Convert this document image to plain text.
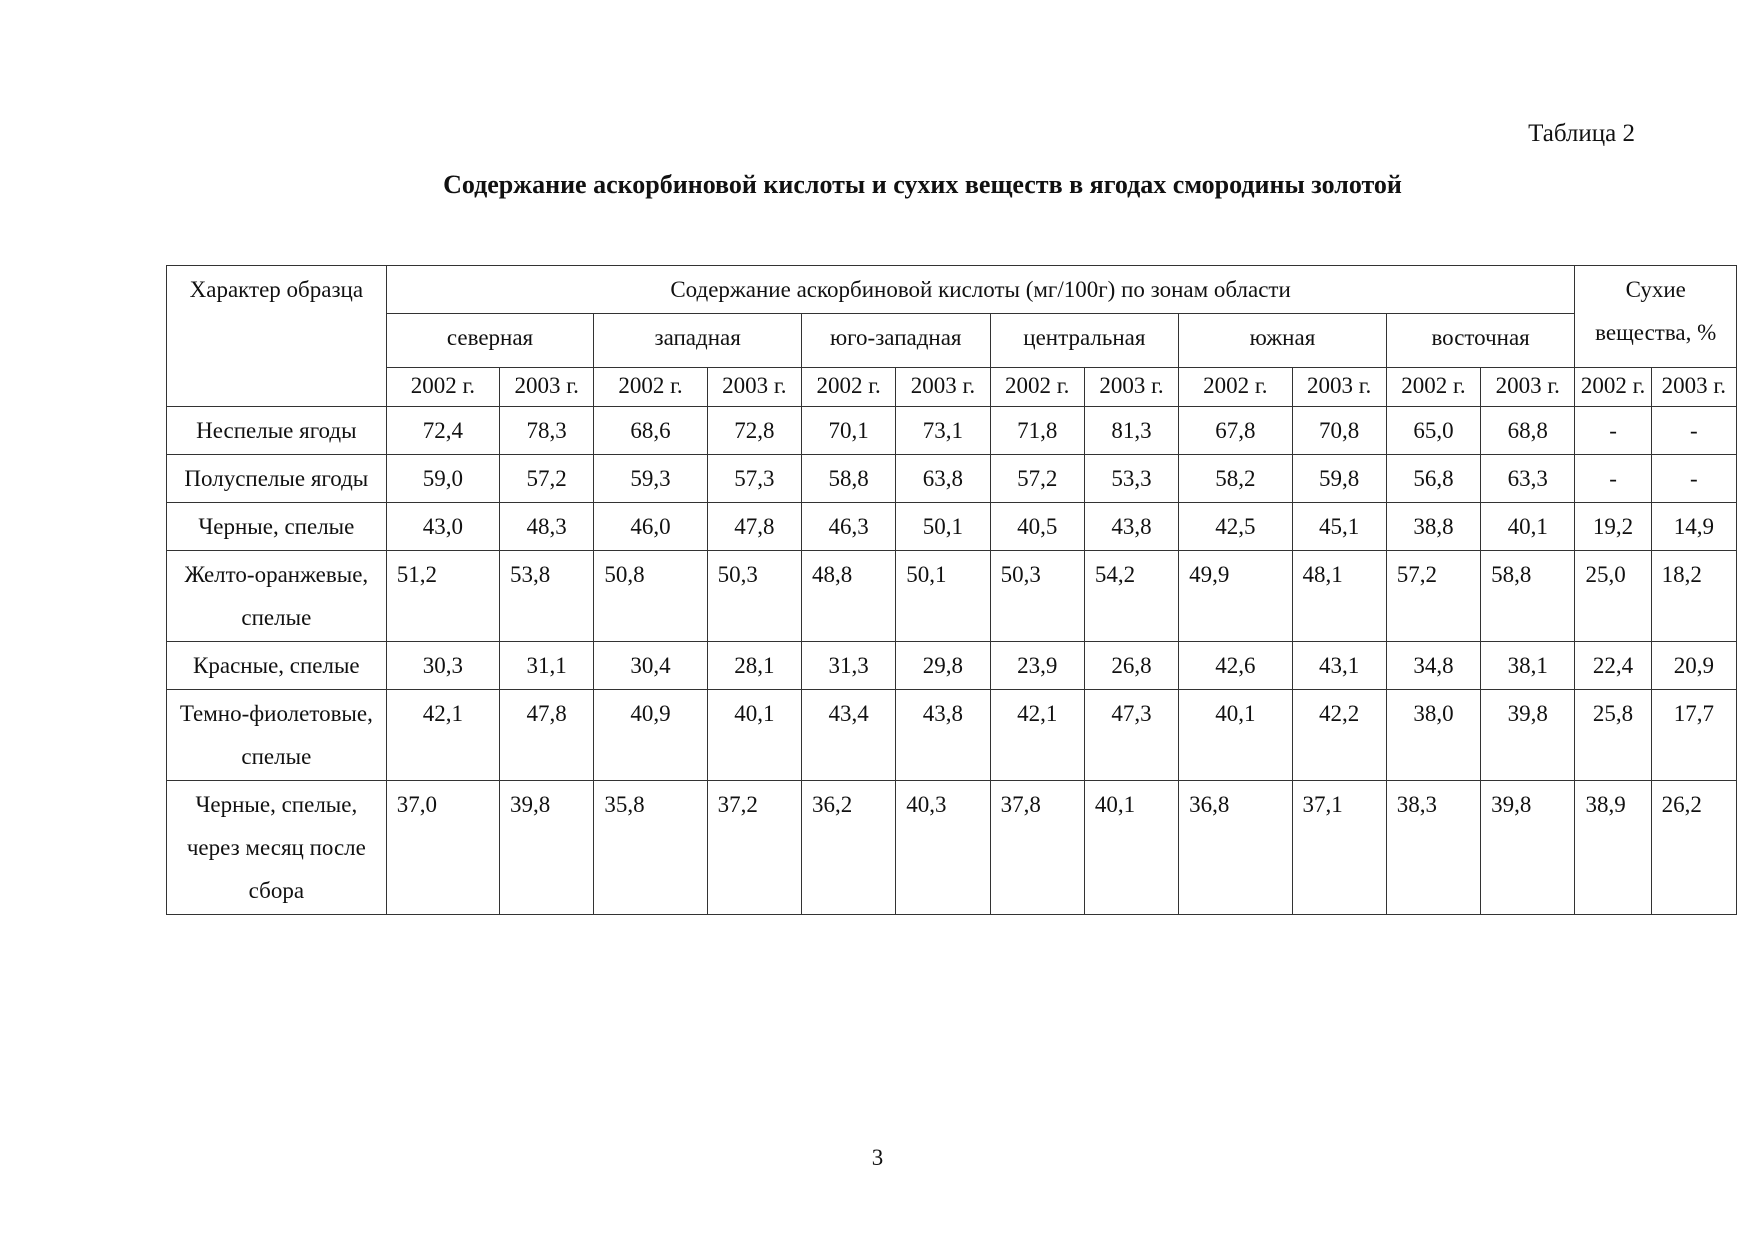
Таблица 2
Содержание аскорбиновой кислоты и сухих веществ в ягодах смородины золотой
Характер образца	Содержание аскорбиновой кислоты (мг/100г) по зонам области												Сухие вещества, %	
	северная		западная		юго-западная		центральная		южная		восточная			
	2002 г.	2003 г.	2002 г.	2003 г.	2002 г.	2003 г.	2002 г.	2003 г.	2002 г.	2003 г.	2002 г.	2003 г.	2002 г.	2003 г.
Неспелые ягоды	72,4	78,3	68,6	72,8	70,1	73,1	71,8	81,3	67,8	70,8	65,0	68,8	-	-
Полуспелые ягоды	59,0	57,2	59,3	57,3	58,8	63,8	57,2	53,3	58,2	59,8	56,8	63,3	-	-
Черные, спелые	43,0	48,3	46,0	47,8	46,3	50,1	40,5	43,8	42,5	45,1	38,8	40,1	19,2	14,9
Желто-оранжевые, спелые	51,2	53,8	50,8	50,3	48,8	50,1	50,3	54,2	49,9	48,1	57,2	58,8	25,0	18,2
Красные, спелые	30,3	31,1	30,4	28,1	31,3	29,8	23,9	26,8	42,6	43,1	34,8	38,1	22,4	20,9
Темно-фиолетовые, спелые	42,1	47,8	40,9	40,1	43,4	43,8	42,1	47,3	40,1	42,2	38,0	39,8	25,8	17,7
Черные, спелые, через месяц после сбора	37,0	39,8	35,8	37,2	36,2	40,3	37,8	40,1	36,8	37,1	38,3	39,8	38,9	26,2
3
